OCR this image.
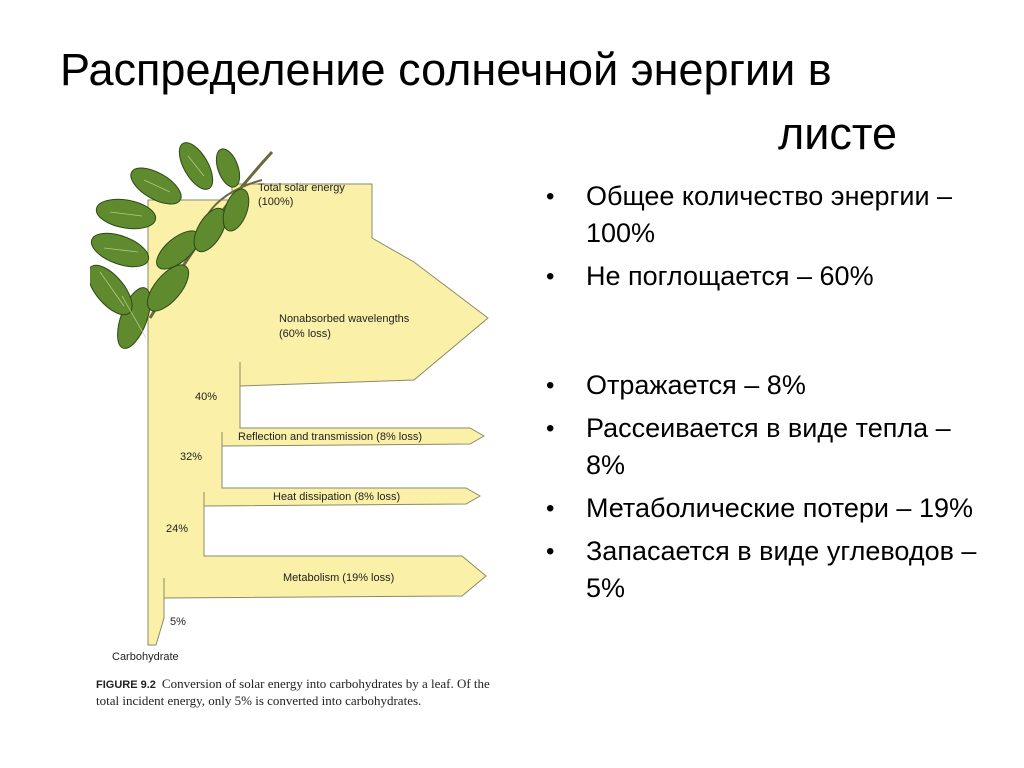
Распределение солнечной энергии в
листе
Total solar energy
(100%)
Nonabsorbed wavelengths
(60% loss)
Reflection and transmission (8% loss)
Heat dissipation (8% loss)
Metabolism (19% loss)
40%
32%
24%
5%
Carbohydrate
FIGURE 9.2 Conversion of solar energy into carbohydrates by a leaf. Of the total incident energy, only 5% is converted into carbohydrates.
• Общее количество энергии – 100%
• Не поглощается – 60%
• Отражается – 8%
• Рассеивается в виде тепла – 8%
• Метаболические потери – 19%
• Запасается в виде углеводов – 5%
